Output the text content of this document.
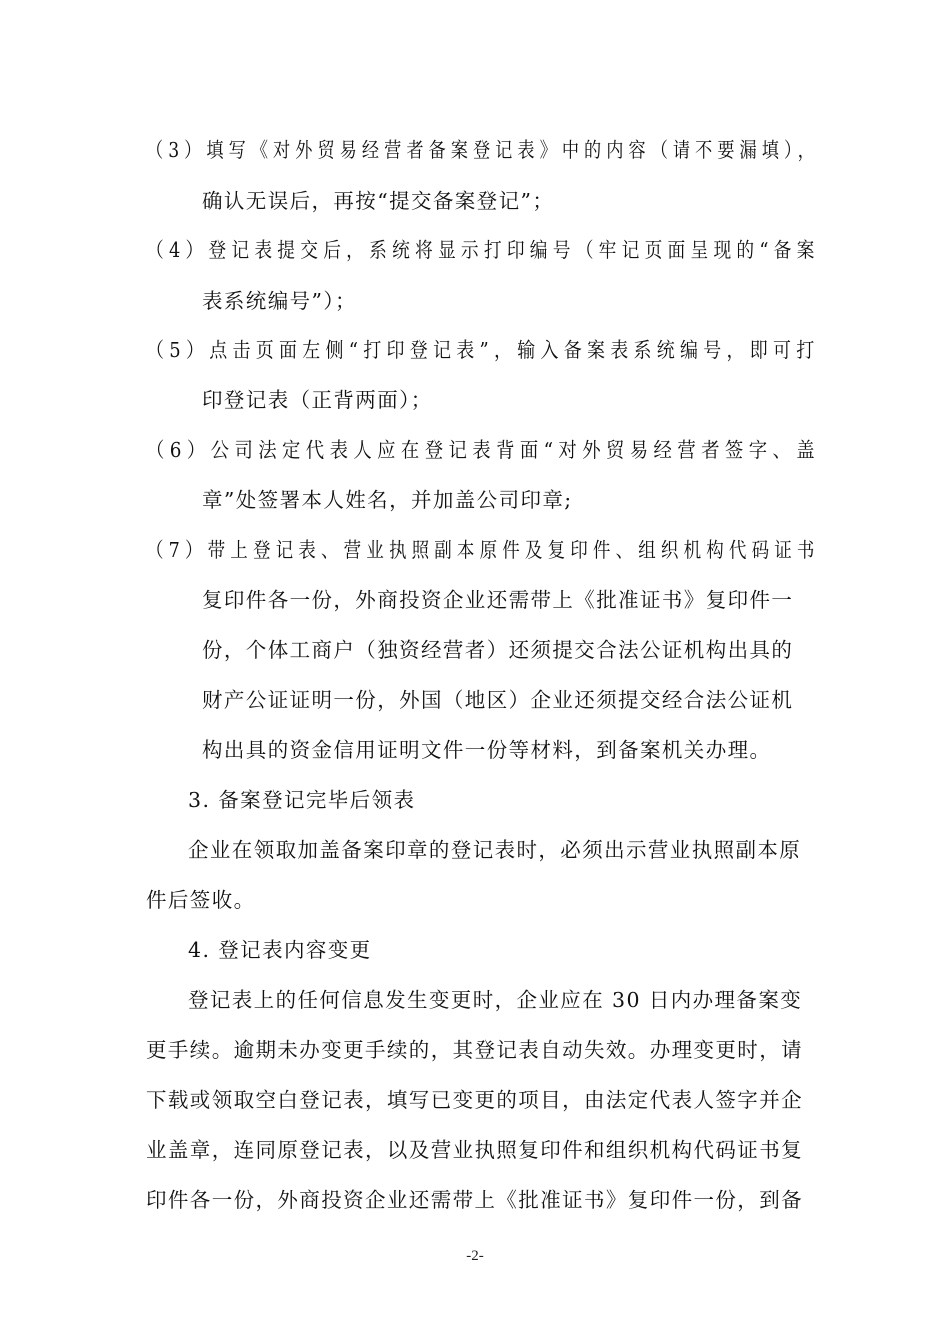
（3）填写《对外贸易经营者备案登记表》中的内容（请不要漏填），
确认无误后，再按“提交备案登记”；
（4）登记表提交后，系统将显示打印编号（牢记页面呈现的“备案
表系统编号”）；
（5）点击页面左侧“打印登记表”，输入备案表系统编号，即可打
印登记表（正背两面）；
（6）公司法定代表人应在登记表背面“对外贸易经营者签字、盖
章”处签署本人姓名，并加盖公司印章;
（7）带上登记表、营业执照副本原件及复印件、组织机构代码证书
复印件各一份，外商投资企业还需带上《批准证书》复印件一
份，个体工商户（独资经营者）还须提交合法公证机构出具的
财产公证证明一份，外国（地区）企业还须提交经合法公证机
构出具的资金信用证明文件一份等材料，到备案机关办理。
3. 备案登记完毕后领表
企业在领取加盖备案印章的登记表时，必须出示营业执照副本原
件后签收。
4. 登记表内容变更
登记表上的任何信息发生变更时，企业应在 30 日内办理备案变
更手续。逾期未办变更手续的，其登记表自动失效。办理变更时，请
下载或领取空白登记表，填写已变更的项目，由法定代表人签字并企
业盖章，连同原登记表，以及营业执照复印件和组织机构代码证书复
印件各一份，外商投资企业还需带上《批准证书》复印件一份，到备
-2-
